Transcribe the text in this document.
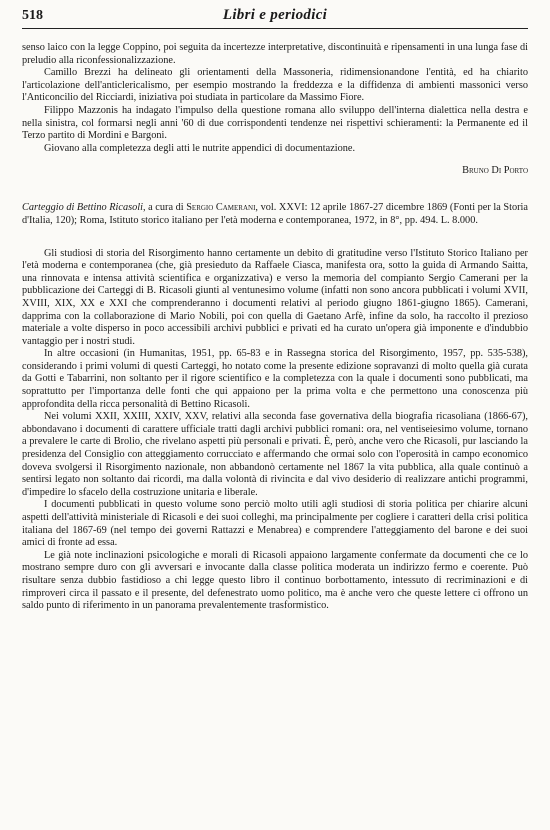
518	Libri e periodici

senso laico con la legge Coppino, poi seguita da incertezze interpretative, discontinuità e ripensamenti in una lunga fase di preludio alla riconfessionalizzazione.

Camillo Brezzi ha delineato gli orientamenti della Massoneria, ridimensionandone l'entità, ed ha chiarito l'articolazione dell'anticlericalismo, per esempio mostrando la freddezza e la diffidenza di ambienti massonici verso l'Anticoncilio del Ricciardi, iniziativa poi studiata in particolare da Massimo Fiore.

Filippo Mazzonis ha indagato l'impulso della questione romana allo sviluppo dell'interna dialettica nella destra e nella sinistra, col formarsi negli anni '60 di due corrispondenti tendenze nei rispettivi schieramenti: la Permanente ed il Terzo partito di Mordini e Bargoni.

Giovano alla completezza degli atti le nutrite appendici di documentazione.

Bruno Di Porto

Carteggio di Bettino Ricasoli, a cura di Sergio Camerani, vol. XXVI: 12 aprile 1867-27 dicembre 1869 (Fonti per la Storia d'Italia, 120); Roma, Istituto storico italiano per l'età moderna e contemporanea, 1972, in 8°, pp. 494. L. 8.000.

Gli studiosi di storia del Risorgimento hanno certamente un debito di gratitudine verso l'Istituto Storico Italiano per l'età moderna e contemporanea (che, già presieduto da Raffaele Ciasca, manifesta ora, sotto la guida di Armando Saitta, una rinnovata e intensa attività scientifica e organizzativa) e verso la memoria del compianto Sergio Camerani per la pubblicazione dei Carteggi di B. Ricasoli giunti al ventunesimo volume (infatti non sono ancora pubblicati i volumi XVII, XVIII, XIX, XX e XXI che comprenderanno i documenti relativi al periodo giugno 1861-giugno 1865). Camerani, dapprima con la collaborazione di Mario Nobili, poi con quella di Gaetano Arfè, infine da solo, ha raccolto il prezioso materiale a volte disperso in poco accessibili archivi pubblici e privati ed ha curato un'opera già imponente e d'indubbio vantaggio per i nostri studi.

In altre occasioni (in Humanitas, 1951, pp. 65-83 e in Rassegna storica del Risorgimento, 1957, pp. 535-538), considerando i primi volumi di questi Carteggi, ho notato come la presente edizione sopravanzi di molto quella già curata da Gotti e Tabarrini, non soltanto per il rigore scientifico e la completezza con la quale i documenti sono pubblicati, ma soprattutto per l'importanza delle fonti che qui appaiono per la prima volta e che permettono una conoscenza più approfondita della ricca personalità di Bettino Ricasoli.

Nei volumi XXII, XXIII, XXIV, XXV, relativi alla seconda fase governativa della biografia ricasoliana (1866-67), abbondavano i documenti di carattere ufficiale tratti dagli archivi pubblici romani: ora, nel ventiseiesimo volume, tornano a prevalere le carte di Brolio, che rivelano aspetti più personali e privati. È, però, anche vero che Ricasoli, pur lasciando la presidenza del Consiglio con atteggiamento corrucciato e affermando che ormai solo con l'operosità in campo economico doveva svolgersi il Risorgimento nazionale, non abbandonò certamente nel 1867 la vita pubblica, alla quale continuò a sentirsi legato non soltanto dai ricordi, ma dalla volontà di rivincita e dal vivo desiderio di realizzare antichi programmi, d'impedire lo sfacelo della costruzione unitaria e liberale.

I documenti pubblicati in questo volume sono perciò molto utili agli studiosi di storia politica per chiarire alcuni aspetti dell'attività ministeriale di Ricasoli e dei suoi colleghi, ma principalmente per cogliere i caratteri della crisi politica italiana del 1867-69 (nel tempo dei governi Rattazzi e Menabrea) e comprendere l'atteggiamento del barone e dei suoi amici di fronte ad essa.

Le già note inclinazioni psicologiche e morali di Ricasoli appaiono largamente confermate da documenti che ce lo mostrano sempre duro con gli avversari e invocante dalla classe politica moderata un indirizzo fermo e coerente. Può risultare senza dubbio fastidioso a chi legge questo libro il continuo borbottamento, intessuto di recriminazioni e di rimproveri circa il passato e il presente, del defenestrato uomo politico, ma è anche vero che queste lettere ci offrono un saldo punto di riferimento in un panorama prevalentemente trasformistico.
